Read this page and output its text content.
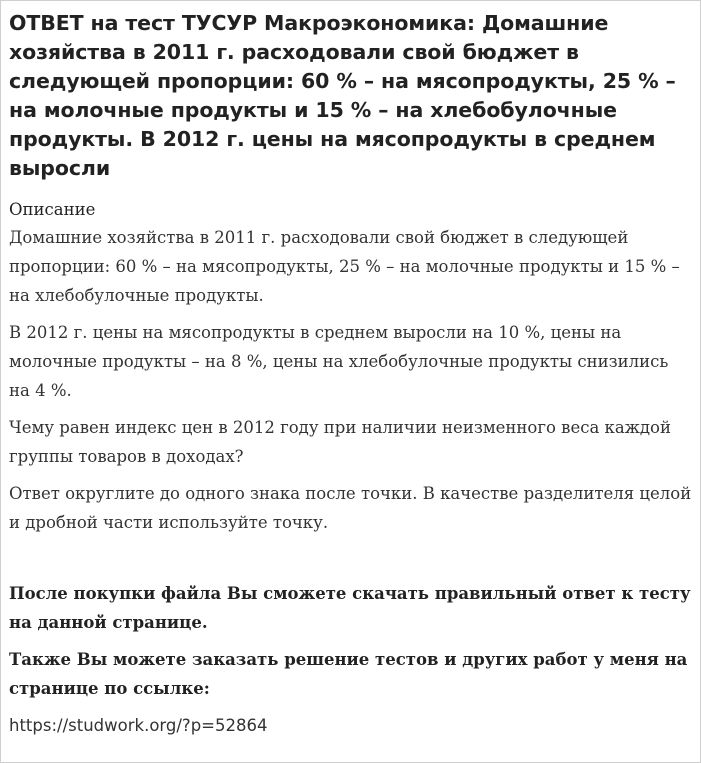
ОТВЕТ на тест ТУСУР Макроэкономика: Домашние хозяйства в 2011 г. расходовали свой бюджет в следующей пропорции: 60 % – на мясопродукты, 25 % – на молочные продукты и 15 % – на хлебобулочные продукты. В 2012 г. цены на мясопродукты в среднем выросли
Описание

Домашние хозяйства в 2011 г. расходовали свой бюджет в следующей пропорции: 60 % – на мясопродукты, 25 % – на молочные продукты и 15 % – на хлебобулочные продукты.

В 2012 г. цены на мясопродукты в среднем выросли на 10 %, цены на молочные продукты – на 8 %, цены на хлебобулочные продукты снизились на 4 %.

Чему равен индекс цен в 2012 году при наличии неизменного веса каждой группы товаров в доходах?

Ответ округлите до одного знака после точки. В качестве разделителя целой и дробной части используйте точку.

После покупки файла Вы сможете скачать правильный ответ к тесту на данной странице.

Также Вы можете заказать решение тестов и других работ у меня на странице по ссылке:

https://studwork.org/?p=52864
